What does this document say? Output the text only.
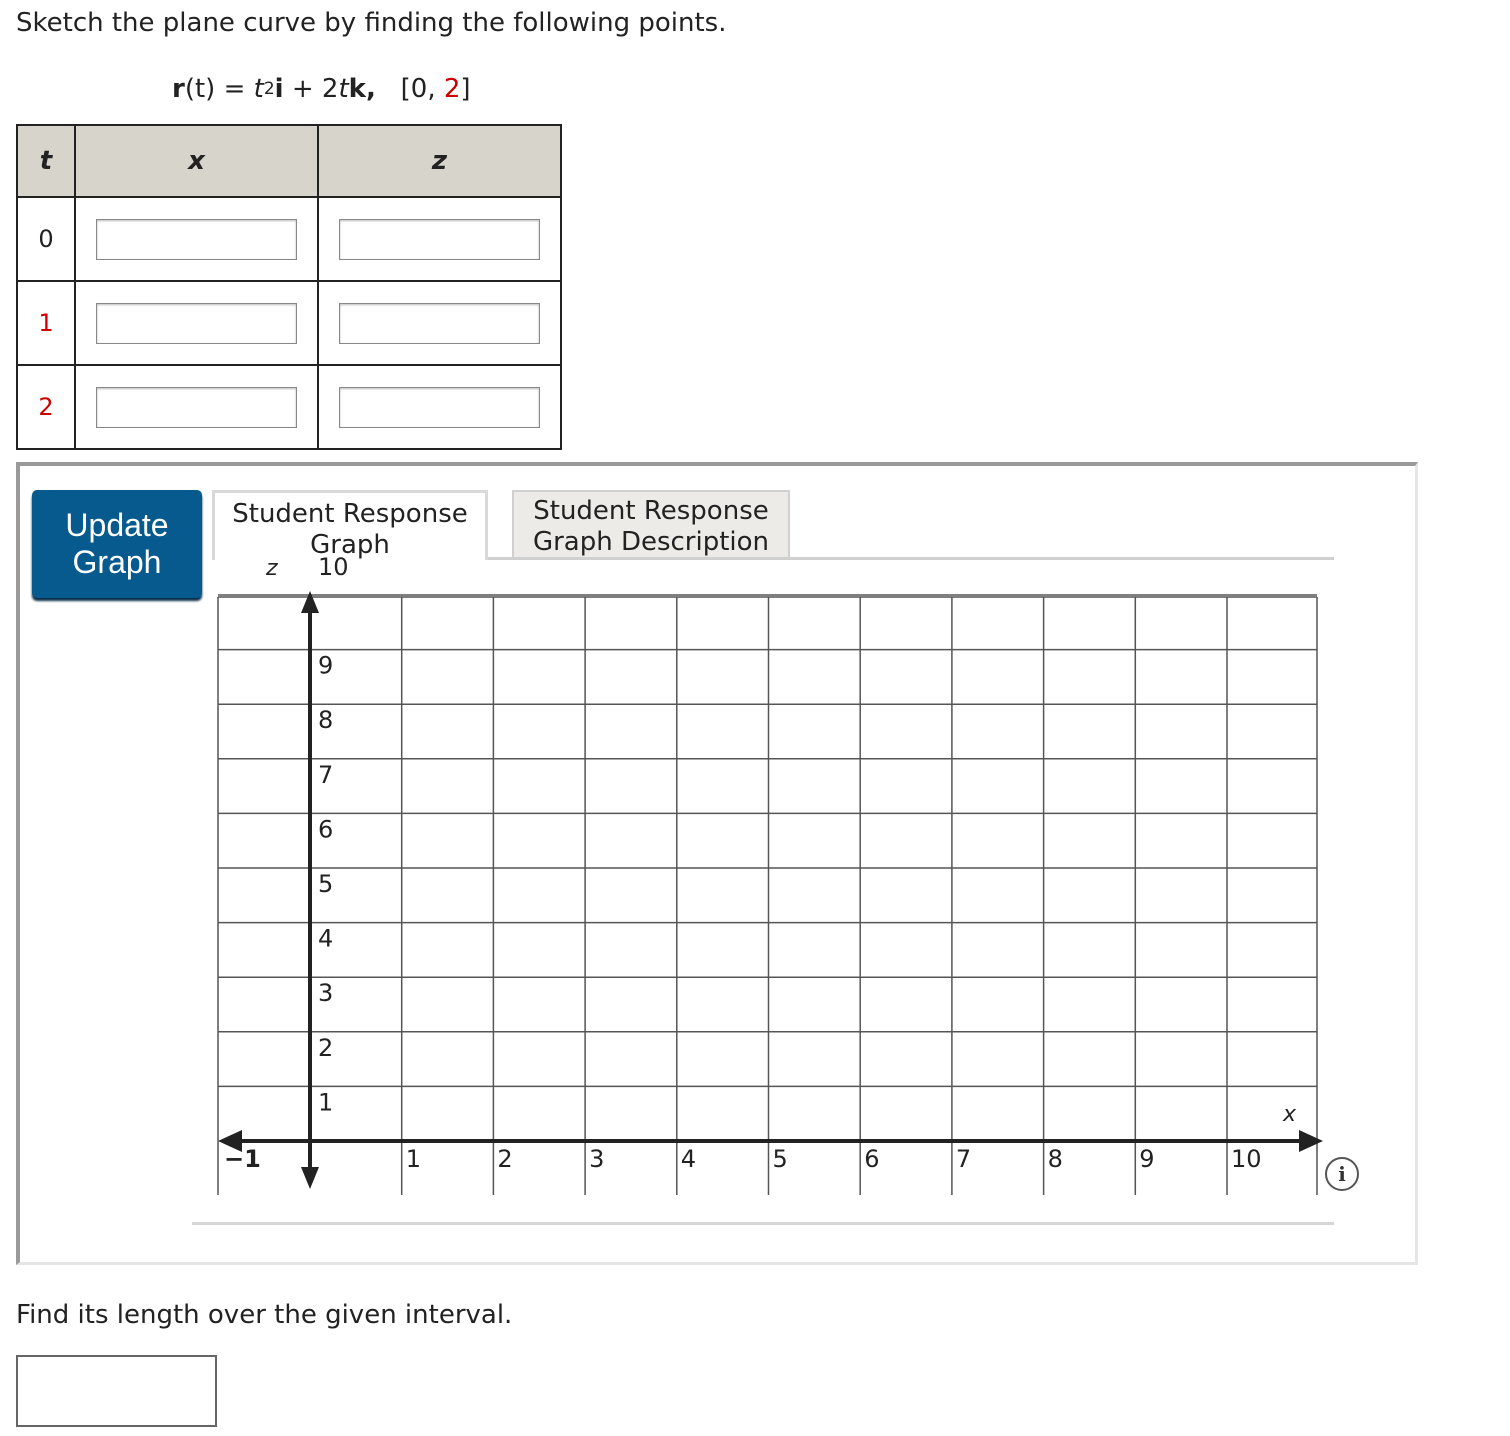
Sketch the plane curve by finding the following points.
$r(t) = t^2i + 2tk$, [0, 2]
t	x	z
0		
1		
2		
Update Graph
Student Response Graph
Student Response Graph Description
−1	1	2	3	4	5	6	7	8	9	10
1
2
3
4
5
6
7
8
9
10
z
x
i
Find its length over the given interval.
